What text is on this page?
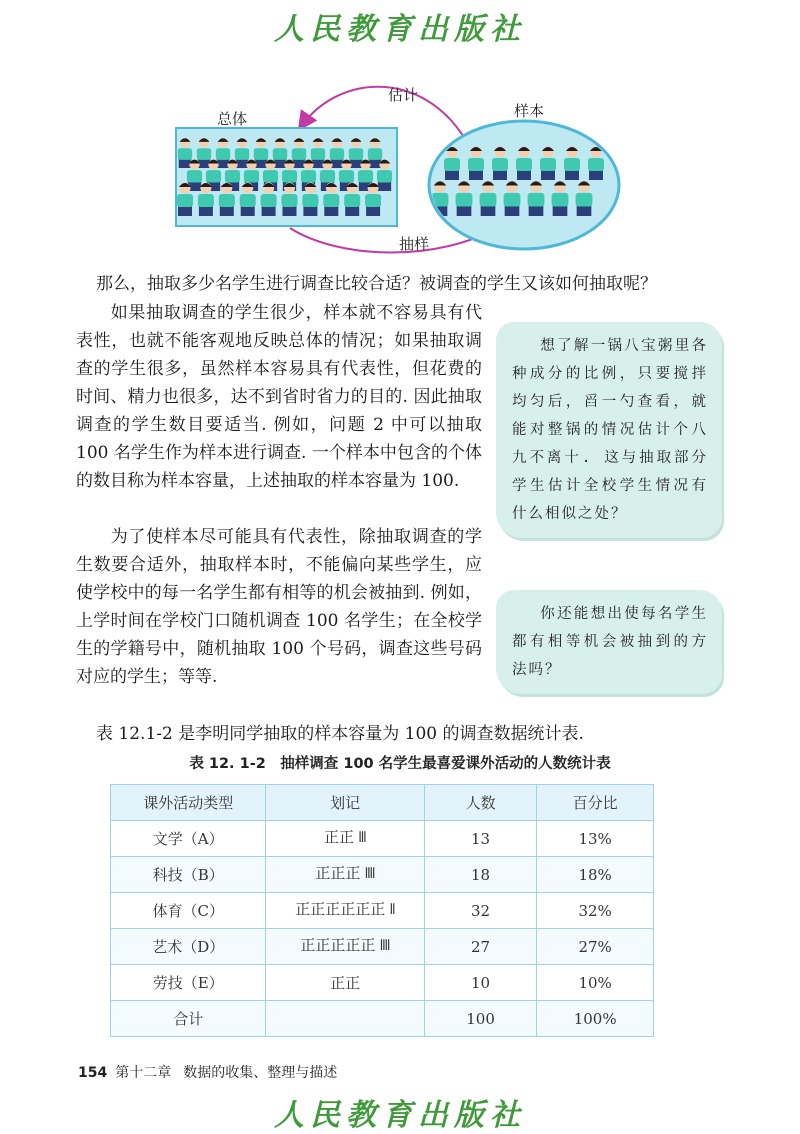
人民教育出版社
总体	样本
估计
抽样

那么，抽取多少名学生进行调查比较合适？被调查的学生又该如何抽取呢？

如果抽取调查的学生很少，样本就不容易具有代表性，也就不能客观地反映总体的情况；如果抽取调查的学生很多，虽然样本容易具有代表性，但花费的时间、精力也很多，达不到省时省力的目的. 因此抽取调查的学生数目要适当. 例如，问题 2 中可以抽取 100 名学生作为样本进行调查. 一个样本中包含的个体的数目称为样本容量，上述抽取的样本容量为 100.

为了使样本尽可能具有代表性，除抽取调查的学生数要合适外，抽取样本时，不能偏向某些学生，应使学校中的每一名学生都有相等的机会被抽到. 例如，上学时间在学校门口随机调查 100 名学生；在全校学生的学籍号中，随机抽取 100 个号码，调查这些号码对应的学生；等等.

表 12.1-2 是李明同学抽取的样本容量为 100 的调查数据统计表.

想了解一锅八宝粥里各种成分的比例，只要搅拌均匀后，舀一勺查看，就能对整锅的情况估计个八九不离十. 这与抽取部分学生估计全校学生情况有什么相似之处？
你还能想出使每名学生都有相等机会被抽到的方法吗？
表 12. 1-2　抽样调查 100 名学生最喜爱课外活动的人数统计表
课外活动类型	划记	人数	百分比
文学（A）	正正 𝍫	13	13%
科技（B）	正正正 𝍬	18	18%
体育（C）	正正正正正正 𝍪	32	32%
艺术（D）	正正正正正 𝍬	27	27%
劳技（E）	正正	10	10%
合计		100	100%
154 第十二章 数据的收集、整理与描述
人民教育出版社
